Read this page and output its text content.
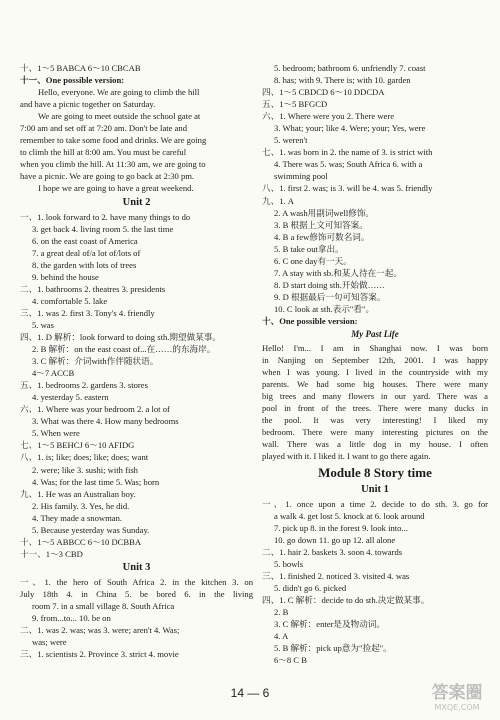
十、1～5 BABCA 6～10 CBCAB
十一、One possible version:
Hello, everyone. We are going to climb the hill
and have a picnic together on Saturday.
We are going to meet outside the school gate at
7:00 am and set off at 7:20 am. Don't be late and
remember to take some food and drinks. We are going
to climb the hill at 8:00 am. You must be careful
when you climb the hill. At 11:30 am, we are going to
have a picnic. We are going to go back at 2:30 pm.
I hope we are going to have a great weekend.
Unit 2
一、1. look forward to 2. have many things to do
3. get back 4. living room 5. the last time
6. on the east coast of America
7. a great deal of/a lot of/lots of
8. the garden with lots of trees
9. behind the house
二、1. bathrooms 2. theatres 3. presidents
4. comfortable 5. lake
三、1. was 2. first 3. Tony's 4. friendly
5. was
四、1. D 解析：look forward to doing sth.期望做某事。
2. B 解析：on the east coast of...在……的东海岸。
3. C 解析：介词with作伴随状语。
4～7 ACCB
五、1. bedrooms 2. gardens 3. stores
4. yesterday 5. eastern
六、1. Where was your bedroom 2. a lot of
3. What was there 4. How many bedrooms
5. When were
七、1～5 BEHCJ 6～10 AFIDG
八、1. is; like; does; like; does; want
2. were; like 3. sushi; with fish
4. Was; for the last time 5. Was; born
九、1. He was an Australian boy.
2. His family. 3. Yes, he did.
4. They made a snowman.
5. Because yesterday was Sunday.
十、1～5 ABBCC 6～10 DCBBA
十一、1～3 CBD
Unit 3
一、1. the hero of South Africa 2. in the kitchen 3. on
July 18th 4. in China 5. be bored 6. in the living
room 7. in a small village 8. South Africa
9. from...to... 10. be on
二、1. was 2. was; was 3. were; aren't 4. Was;
was; were
三、1. scientists 2. Province 3. strict 4. movie
5. bedroom; bathroom 6. unfriendly 7. coast
8. has; with 9. There is; with 10. garden
四、1～5 CBDCD 6～10 DDCDA
五、1～5 BFGCD
六、1. Where were you 2. There were
3. What; your; like 4. Were; your; Yes, were
5. weren't
七、1. was born in 2. the name of 3. is strict with
4. There was 5. was; South Africa 6. with a
swimming pool
八、1. first 2. was; is 3. will be 4. was 5. friendly
九、1. A
2. A wash用副词well修饰。
3. B 根据上文可知答案。
4. B a few修饰可数名词。
5. B take out拿出。
6. C one day有一天。
7. A stay with sb.和某人待在一起。
8. D start doing sth.开始做……
9. D 根据最后一句可知答案。
10. C look at sth.表示"看"。
十、One possible version:
My Past Life
Hello! I'm... I am in Shanghai now. I was born
in Nanjing on September 12th, 2001. I was happy
when I was young. I lived in the countryside with my
parents. We had some big houses. There were many
big trees and many flowers in our yard. There was a
pool in front of the trees. There were many ducks in
the pool. It was very interesting! I liked my
bedroom. There were many interesting pictures on the
wall. There was a little dog in my house. I often
played with it. I liked it. I want to go there again.
Module 8 Story time
Unit 1
一、1. once upon a time 2. decide to do sth. 3. go for
a walk 4. get lost 5. knock at 6. look around
7. pick up 8. in the forest 9. look into...
10. go down 11. go up 12. all alone
二、1. hair 2. baskets 3. soon 4. towards
5. bowls
三、1. finished 2. noticed 3. visited 4. was
5. didn't go 6. picked
四、1. C 解析：decide to do sth.决定做某事。
2. B
3. C 解析：enter是及物动词。
4. A
5. B 解析：pick up意为"捡起"。
6～8 C B
14 — 6	答案圈
MXQE.COM
